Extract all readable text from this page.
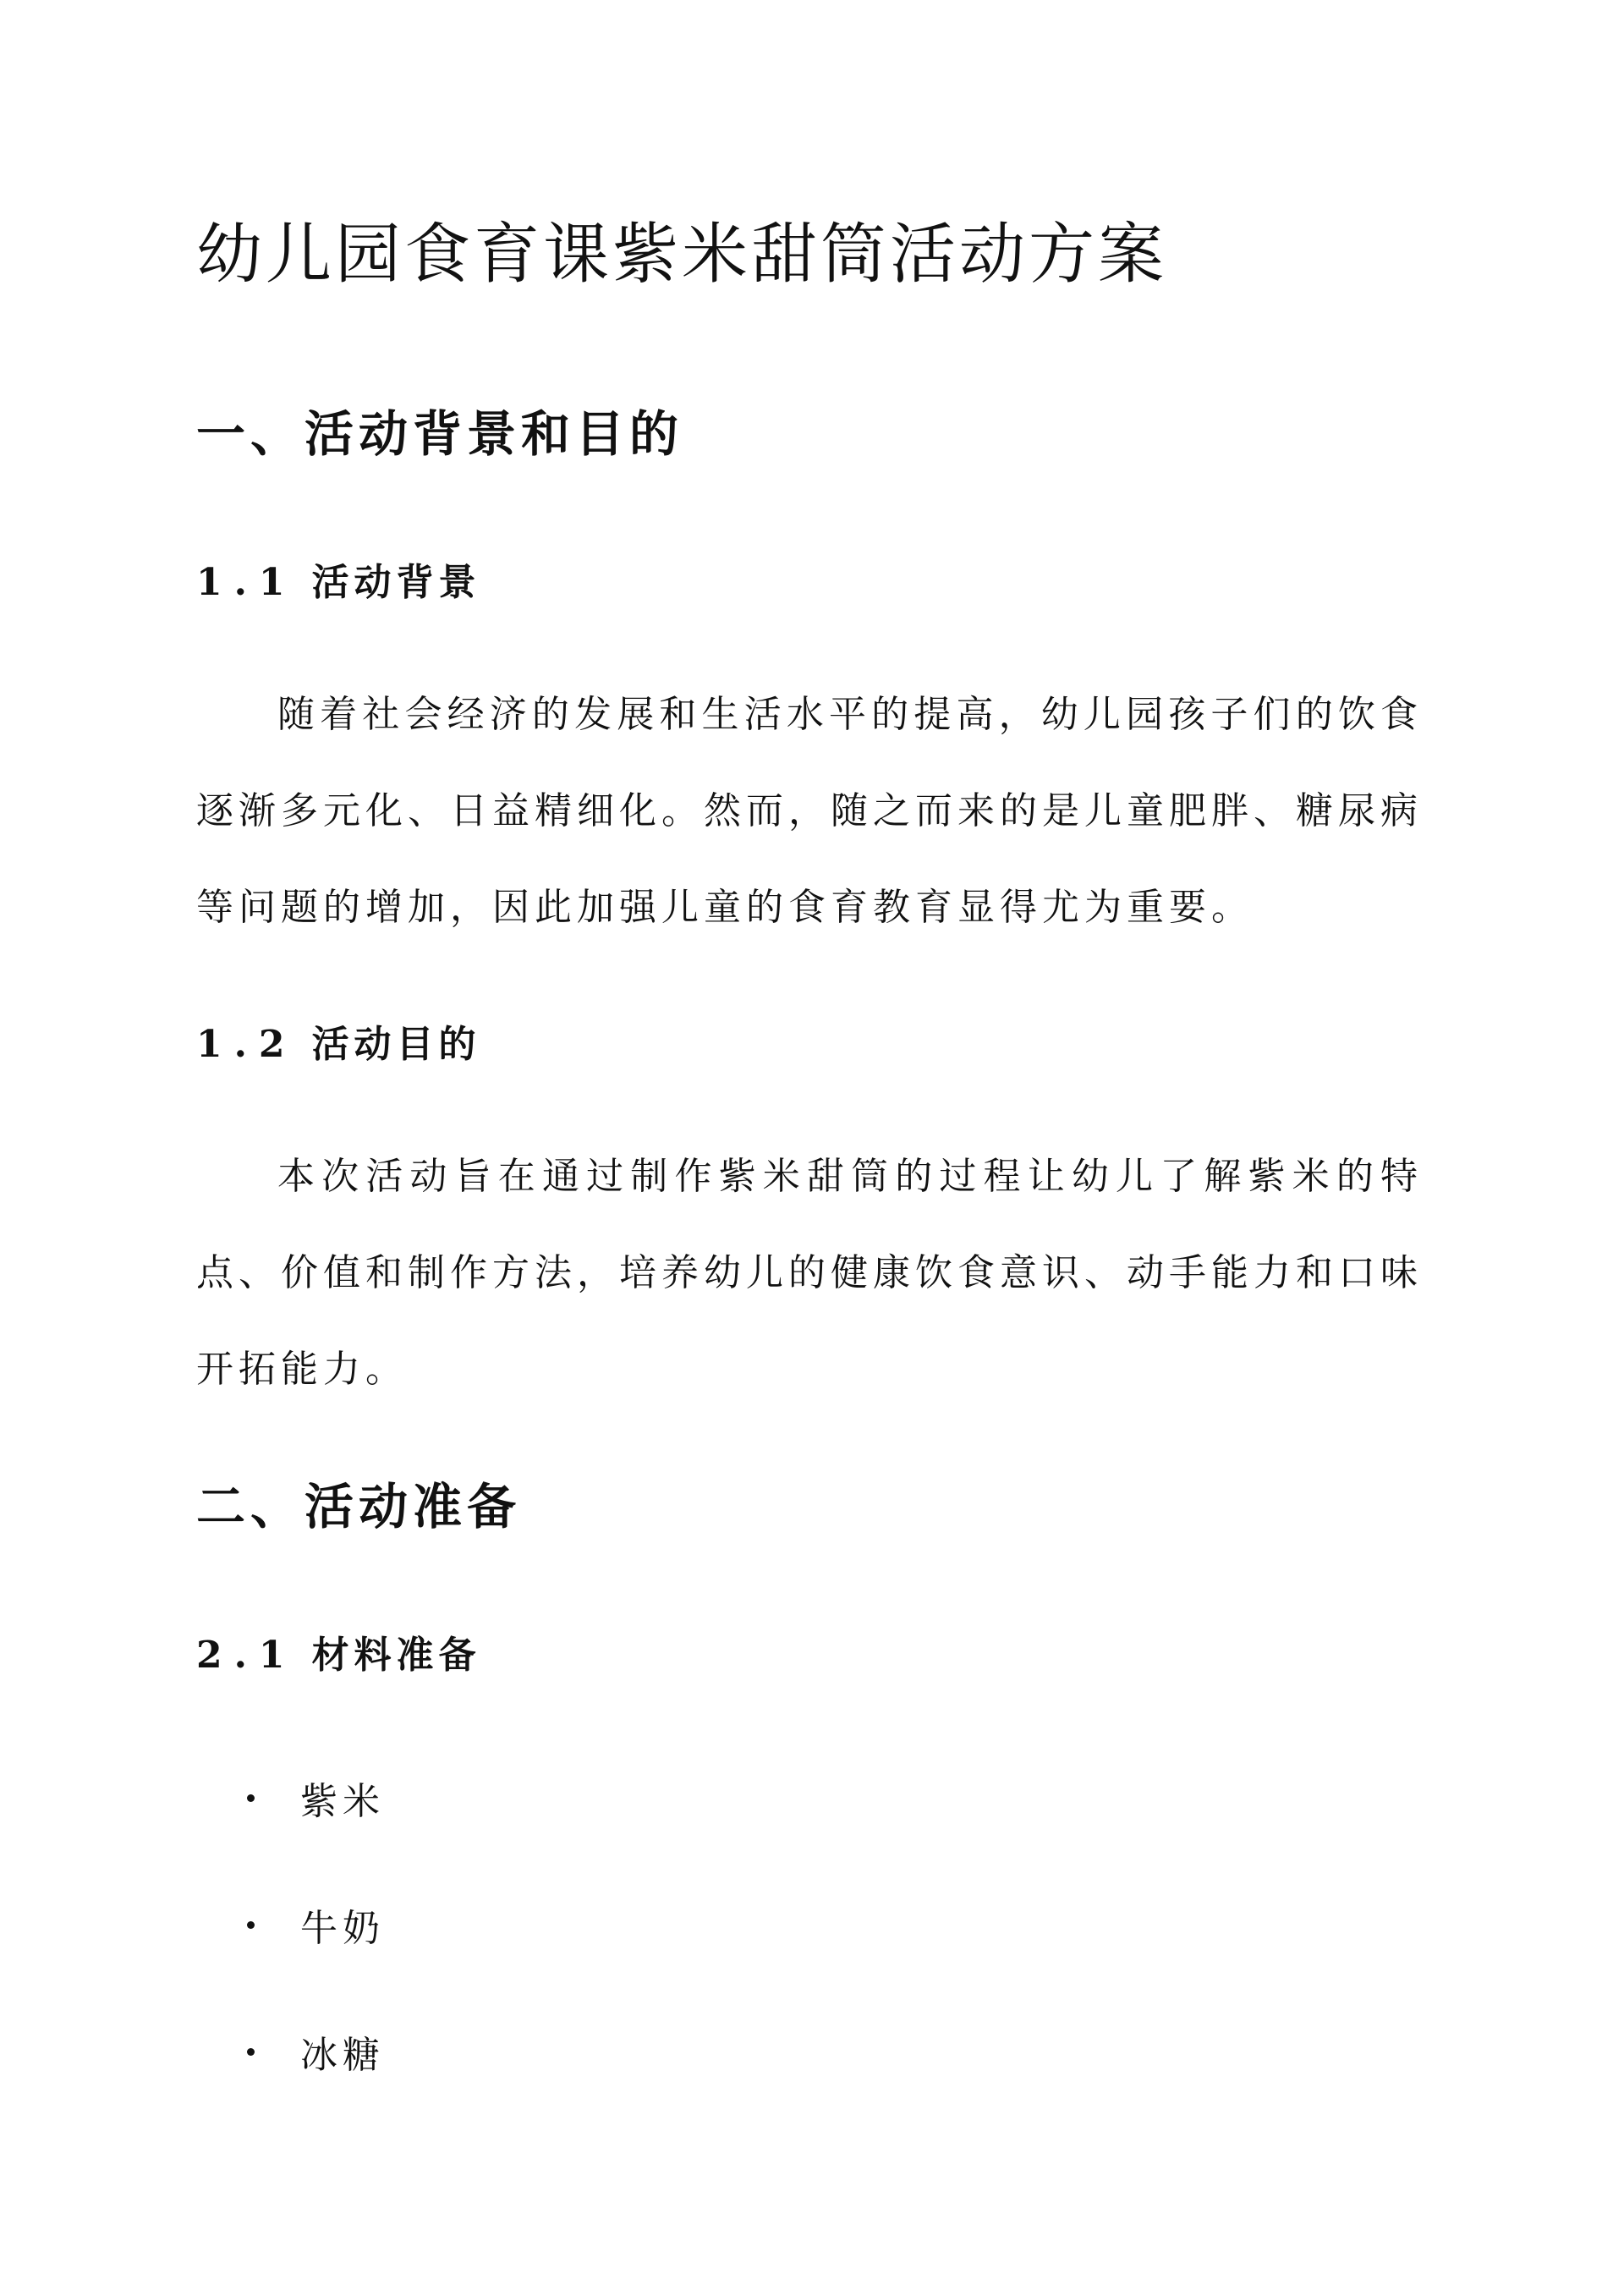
幼儿园食育课紫米甜筒活动方案
一、活动背景和目的
1.1 活动背景

随着社会经济的发展和生活水平的提高，幼儿园孩子们的饮食逐渐多元化、日益精细化。然而，随之而来的是儿童肥胖、糖尿病等问题的增加，因此加强儿童的食育教育显得尤为重要。

1.2 活动目的

本次活动旨在通过制作紫米甜筒的过程让幼儿了解紫米的特点、价值和制作方法，培养幼儿的健康饮食意识、动手能力和口味开拓能力。

二、活动准备
2.1 材料准备
紫米
牛奶
冰糖
